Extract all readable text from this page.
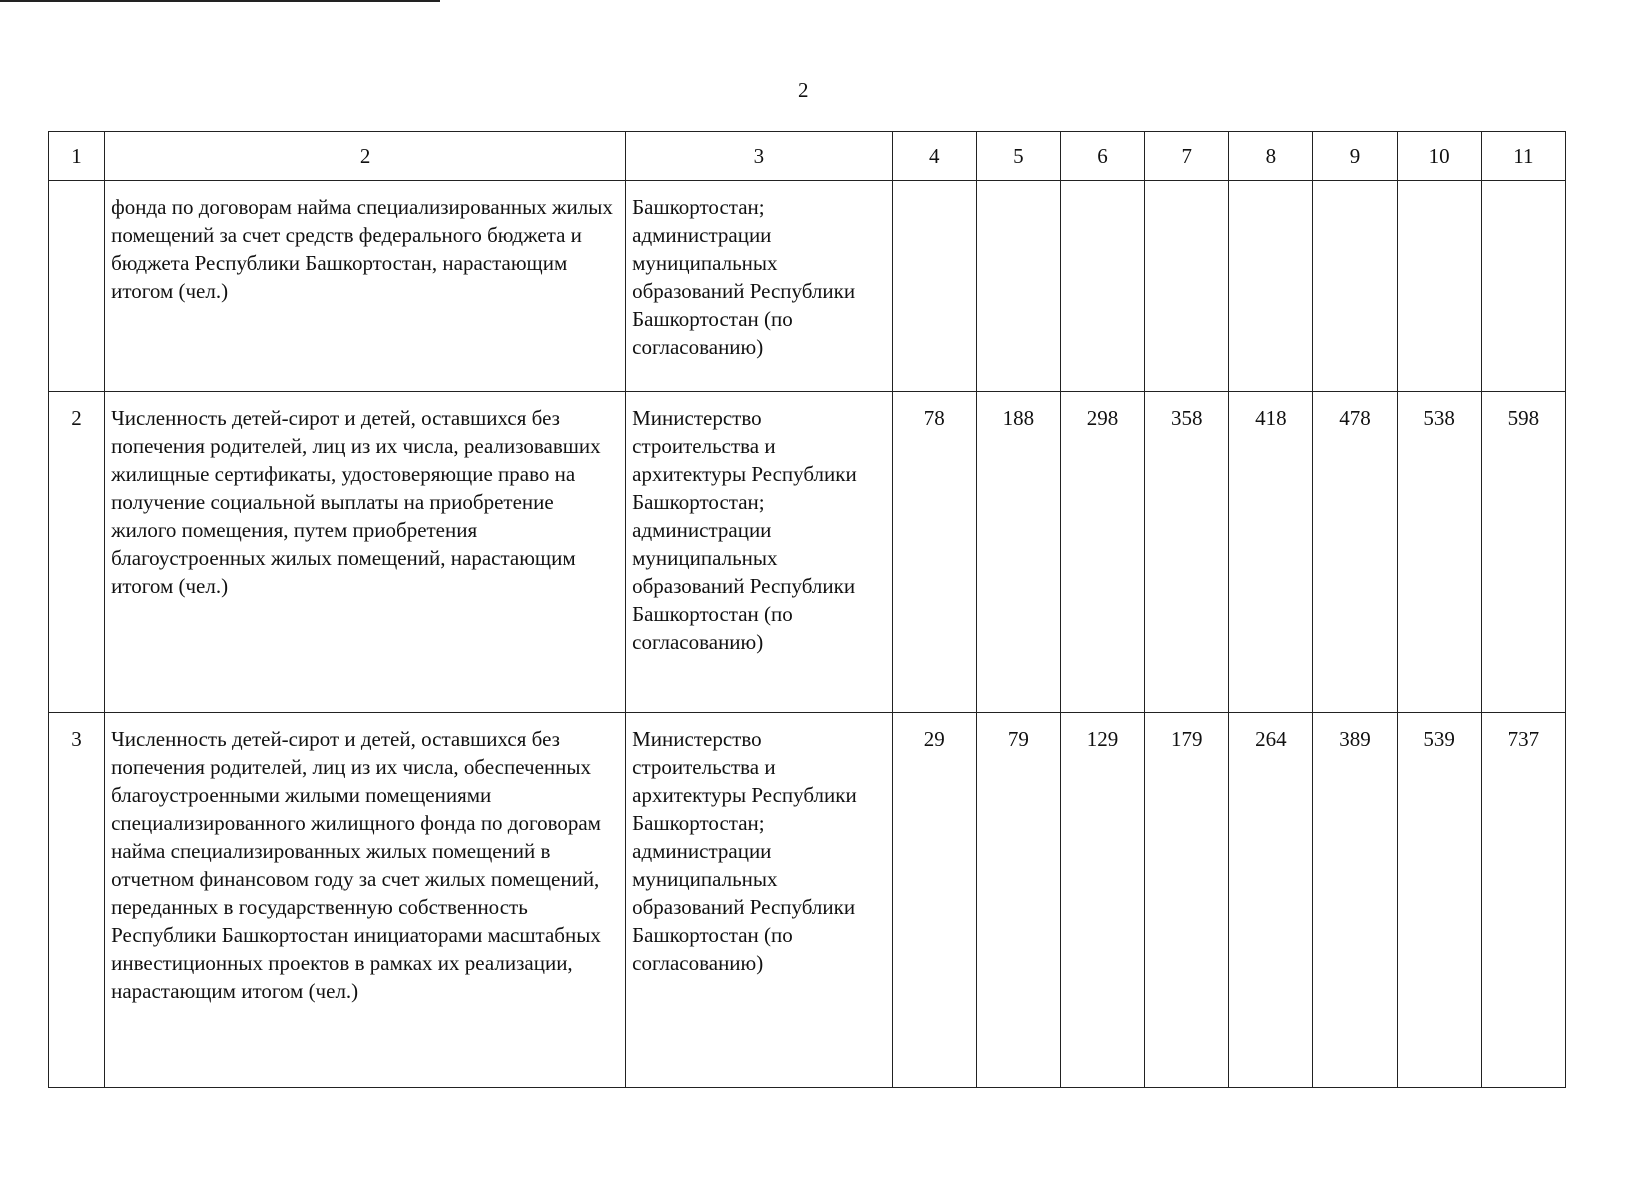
2
1	2	3	4	5	6	7	8	9	10	11
	фонда по договорам найма специализированных жилых помещений за счет средств федерального бюджета и бюджета Республики Башкортостан, нарастающим итогом (чел.)	Башкортостан; администрации муниципальных образований Республики Башкортостан (по согласованию)								
2	Численность детей-сирот и детей, оставшихся без попечения родителей, лиц из их числа, реализовавших жилищные сертификаты, удостоверяющие право на получение социальной выплаты на приобретение жилого помещения, путем приобретения благоустроенных жилых помещений, нарастающим итогом (чел.)	Министерство строительства и архитектуры Республики Башкортостан; администрации муниципальных образований Республики Башкортостан (по согласованию)	78	188	298	358	418	478	538	598
3	Численность детей-сирот и детей, оставшихся без попечения родителей, лиц из их числа, обеспеченных благоустроенными жилыми помещениями специализированного жилищного фонда по договорам найма специализированных жилых помещений в отчетном финансовом году за счет жилых помещений, переданных в государственную собственность Республики Башкортостан инициаторами масштабных инвестиционных проектов в рамках их реализации, нарастающим итогом (чел.)	Министерство строительства и архитектуры Республики Башкортостан; администрации муниципальных образований Республики Башкортостан (по согласованию)	29	79	129	179	264	389	539	737
